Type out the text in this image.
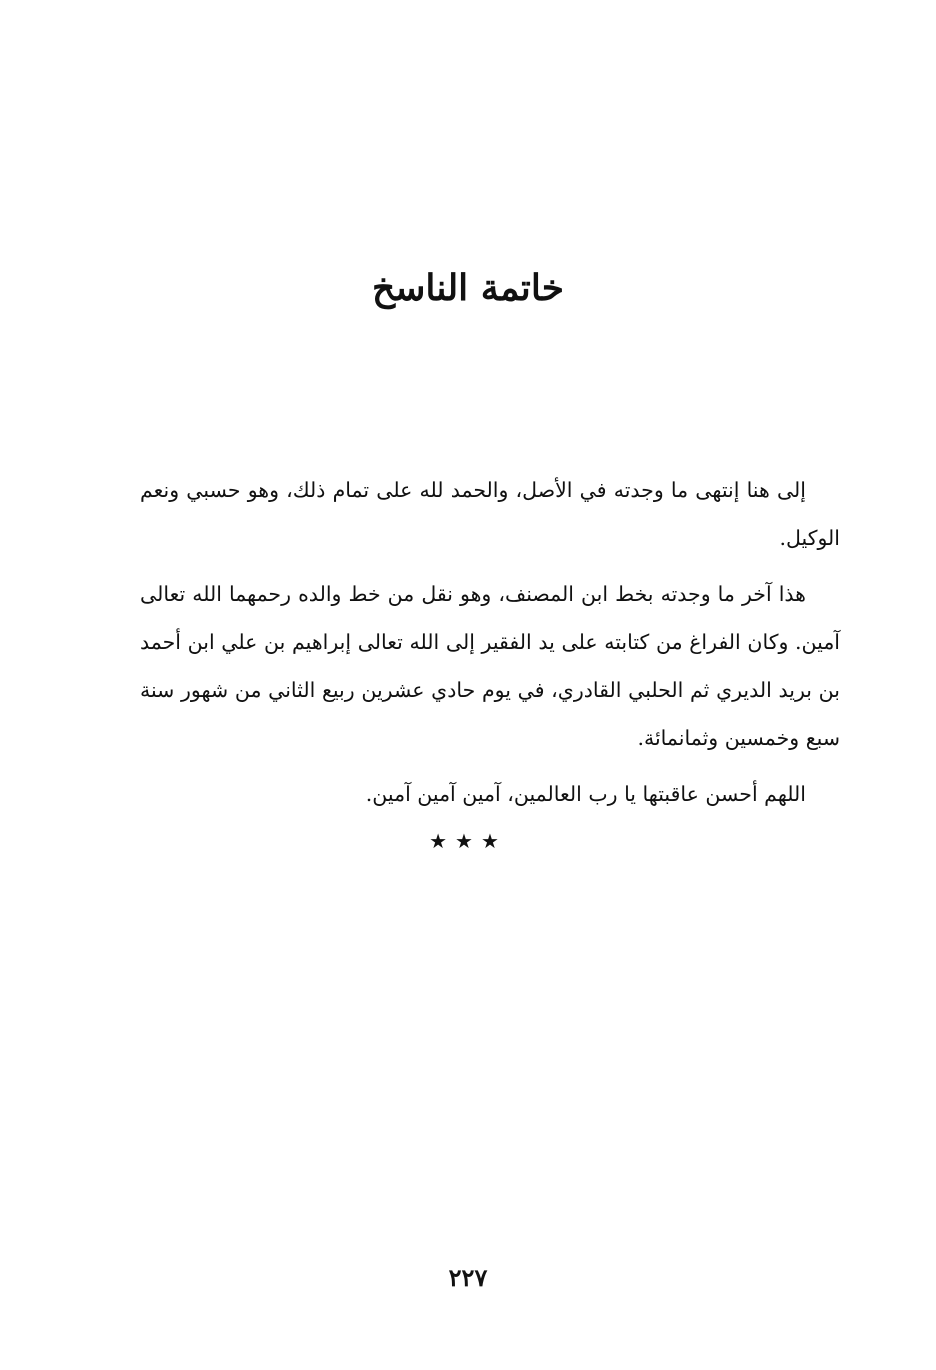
خاتمة الناسخ

إلى هنا إنتهى ما وجدته في الأصل، والحمد لله على تمام ذلك، وهو حسبي ونعم الوكيل.

هذا آخر ما وجدته بخط ابن المصنف، وهو نقل من خط والده رحمهما الله تعالى آمين. وكان الفراغ من كتابته على يد الفقير إلى الله تعالى إبراهيم بن علي ابن أحمد بن بريد الديري ثم الحلبي القادري، في يوم حادي عشرين ربيع الثاني من شهور سنة سبع وخمسين وثمانمائة.

اللهم أحسن عاقبتها يا رب العالمين، آمين آمين آمين.

★★★
٢٢٧
